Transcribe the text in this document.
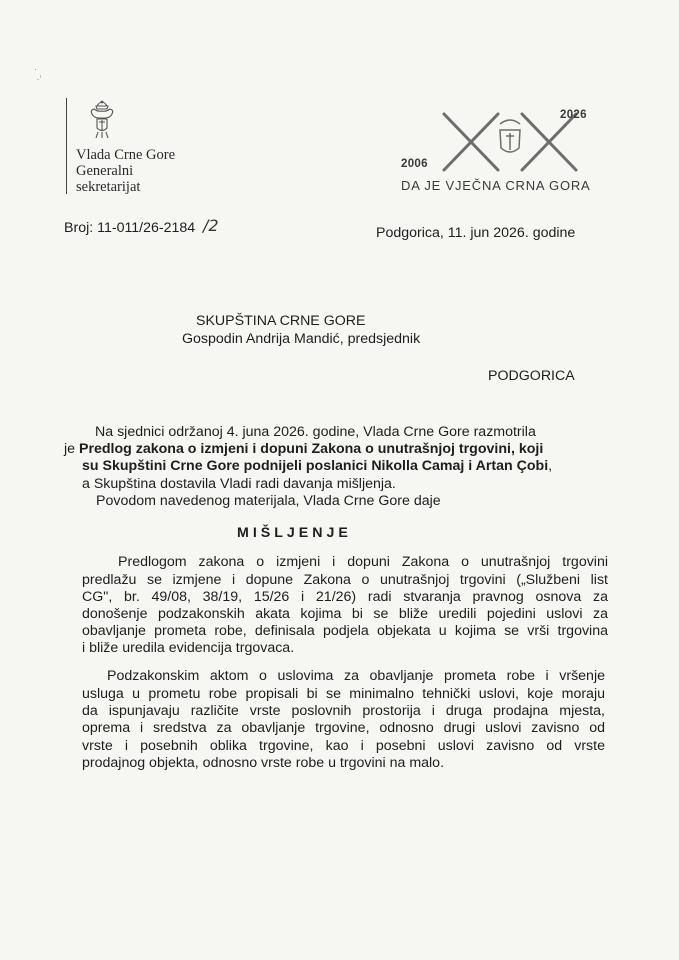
·
·’
Vlada Crne Gore
Generalni
sekretarijat
2026
2006
DA JE VJEČNA CRNA GORA
Broj: 11-011/26-2184 /2	Podgorica, 11. jun 2026. godine
SKUPŠTINA CRNE GORE
Gospodin Andrija Mandić, predsjednik
PODGORICA
Na sjednici održanoj 4. juna 2026. godine, Vlada Crne Gore razmotrila
je Predlog zakona o izmjeni i dopuni Zakona o unutrašnjoj trgovini, koji
su Skupštini Crne Gore podnijeli poslanici Nikolla Camaj i Artan Çobi,
a Skupština dostavila Vladi radi davanja mišljenja.
Povodom navedenog materijala, Vlada Crne Gore daje
MIŠLJENJE
Predlogom zakona o izmjeni i dopuni Zakona o unutrašnjoj trgovini
predlažu se izmjene i dopune Zakona o unutrašnjoj trgovini („Službeni list
CG", br. 49/08, 38/19, 15/26 i 21/26) radi stvaranja pravnog osnova za
donošenje podzakonskih akata kojima bi se bliže uredili pojedini uslovi za
obavljanje prometa robe, definisala podjela objekata u kojima se vrši trgovina
i bliže uredila evidencija trgovaca.
Podzakonskim aktom o uslovima za obavljanje prometa robe i vršenje
usluga u prometu robe propisali bi se minimalno tehnički uslovi, koje moraju
da ispunjavaju različite vrste poslovnih prostorija i druga prodajna mjesta,
oprema i sredstva za obavljanje trgovine, odnosno drugi uslovi zavisno od
vrste i posebnih oblika trgovine, kao i posebni uslovi zavisno od vrste
prodajnog objekta, odnosno vrste robe u trgovini na malo.
